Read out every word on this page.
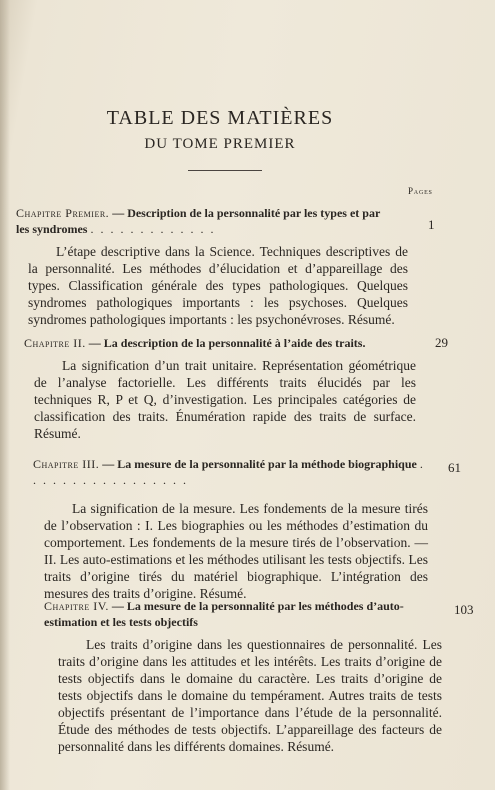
TABLE DES MATIÈRES
DU TOME PREMIER
Pages
Chapitre Premier. — Description de la personnalité par les types et par les syndromes . . . . . . . . . . . . .	1
L’étape descriptive dans la Science. Techniques descriptives de la personnalité. Les méthodes d’élucidation et d’appareillage des types. Classification générale des types pathologiques. Quelques syndromes pathologiques importants : les psychoses. Quelques syndromes pathologiques importants : les psychonévroses. Résumé.
Chapitre II. — La description de la personnalité à l’aide des traits.	29
La signification d’un trait unitaire. Représentation géométrique de l’analyse factorielle. Les différents traits élucidés par les techniques R, P et Q, d’investigation. Les principales catégories de classification des traits. Énumération rapide des traits de surface. Résumé.
Chapitre III. — La mesure de la personnalité par la méthode biographique . . . . . . . . . . . . . . . . .
61
La signification de la mesure. Les fondements de la mesure tirés de l’observation : I. Les biographies ou les méthodes d’estimation du comportement. Les fondements de la mesure tirés de l’observation. — II. Les auto-estimations et les méthodes utilisant les tests objectifs. Les traits d’origine tirés du matériel biographique. L’intégration des mesures des traits d’origine. Résumé.
Chapitre IV. — La mesure de la personnalité par les méthodes d’auto-estimation et les tests objectifs
103
Les traits d’origine dans les questionnaires de personnalité. Les traits d’origine dans les attitudes et les intérêts. Les traits d’origine de tests objectifs dans le domaine du caractère. Les traits d’origine de tests objectifs dans le domaine du tempérament. Autres traits de tests objectifs présentant de l’importance dans l’étude de la personnalité. Étude des méthodes de tests objectifs. L’appareillage des facteurs de personnalité dans les différents domaines. Résumé.
